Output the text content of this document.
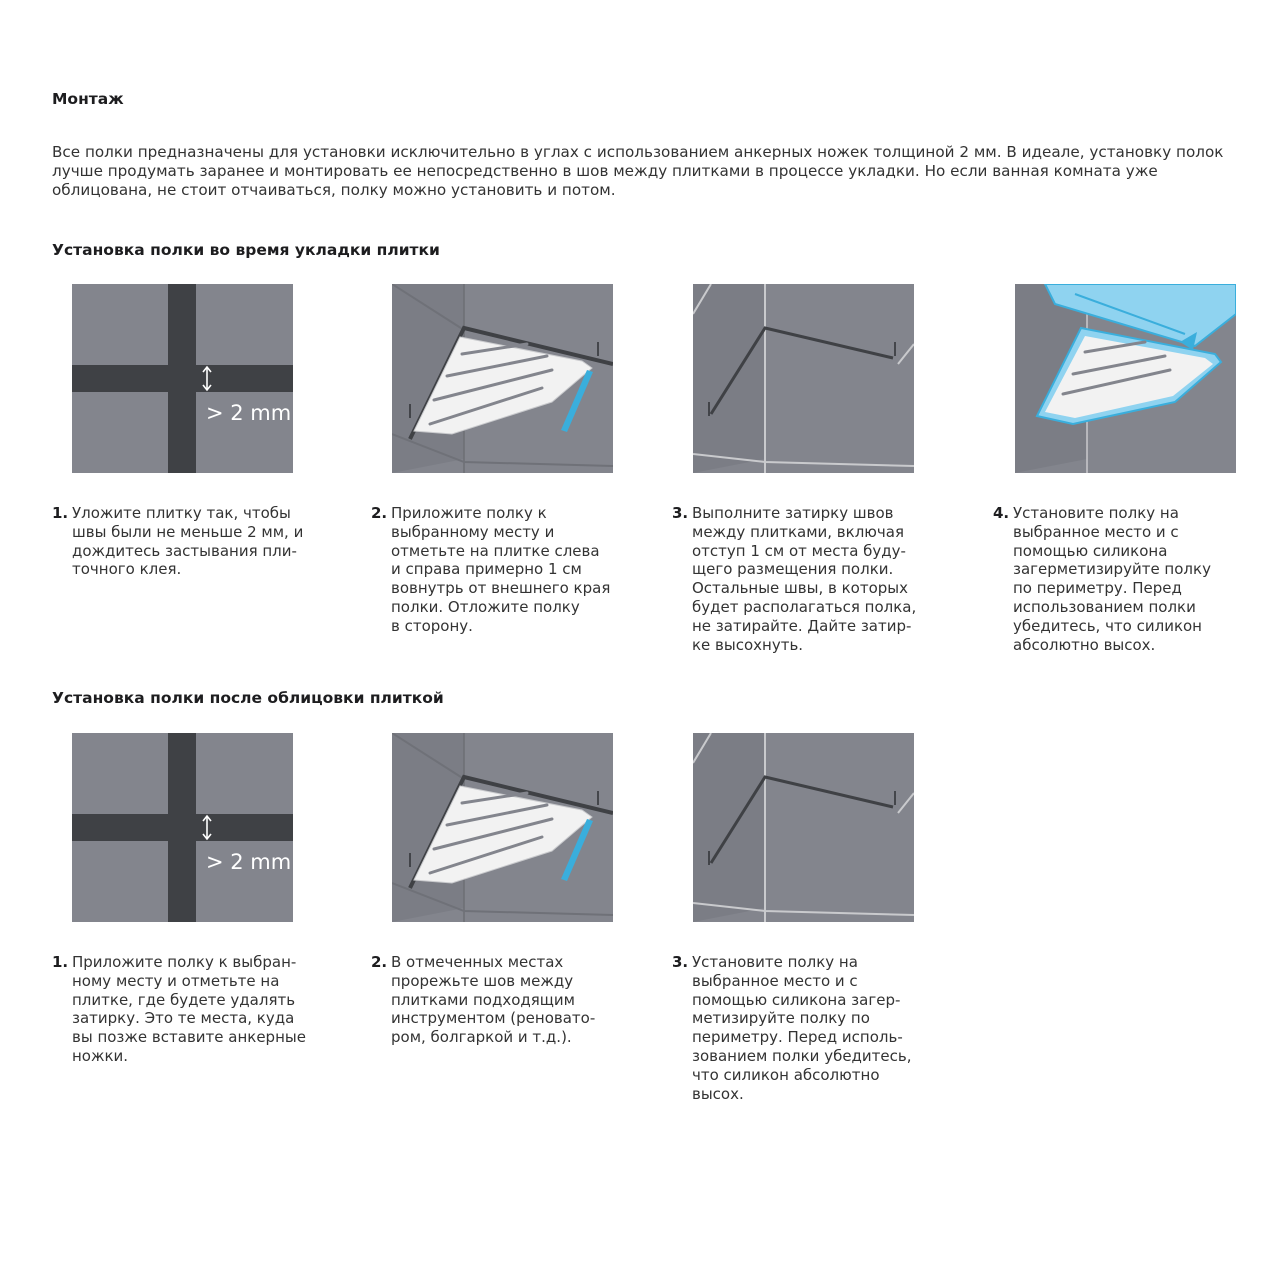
Монтаж

Все полки предназначены для установки исключительно в углах с использованием анкерных ножек толщиной 2 мм. В идеале, установку полок лучше продумать заранее и монтировать ее непосредственно в шов между плитками в процессе укладки. Но если ванная комната уже облицована, не стоит отчаиваться, полку можно установить и потом.

Установка полки во время укладки плитки
> 2 mm
1. Уложите плитку так, чтобы
швы были не меньше 2 мм, и
дождитесь застывания пли-
точного клея.
2. Приложите полку к
выбранному месту и
отметьте на плитке слева
и справа примерно 1 см
вовнутрь от внешнего края
полки. Отложите полку
в сторону.
3. Выполните затирку швов
между плитками, включая
отступ 1 см от места буду-
щего размещения полки.
Остальные швы, в которых
будет располагаться полка,
не затирайте. Дайте затир-
ке высохнуть.
4. Установите полку на
выбранное место и с
помощью силикона
загерметизируйте полку
по периметру. Перед
использованием полки
убедитесь, что силикон
абсолютно высох.
Установка полки после облицовки плиткой
> 2 mm
1. Приложите полку к выбран-
ному месту и отметьте на
плитке, где будете удалять
затирку. Это те места, куда
вы позже вставите анкерные
ножки.
2. В отмеченных местах
прорежьте шов между
плитками подходящим
инструментом (реновато-
ром, болгаркой и т.д.).
3. Установите полку на
выбранное место и с
помощью силикона загер-
метизируйте полку по
периметру. Перед исполь-
зованием полки убедитесь,
что силикон абсолютно
высох.
